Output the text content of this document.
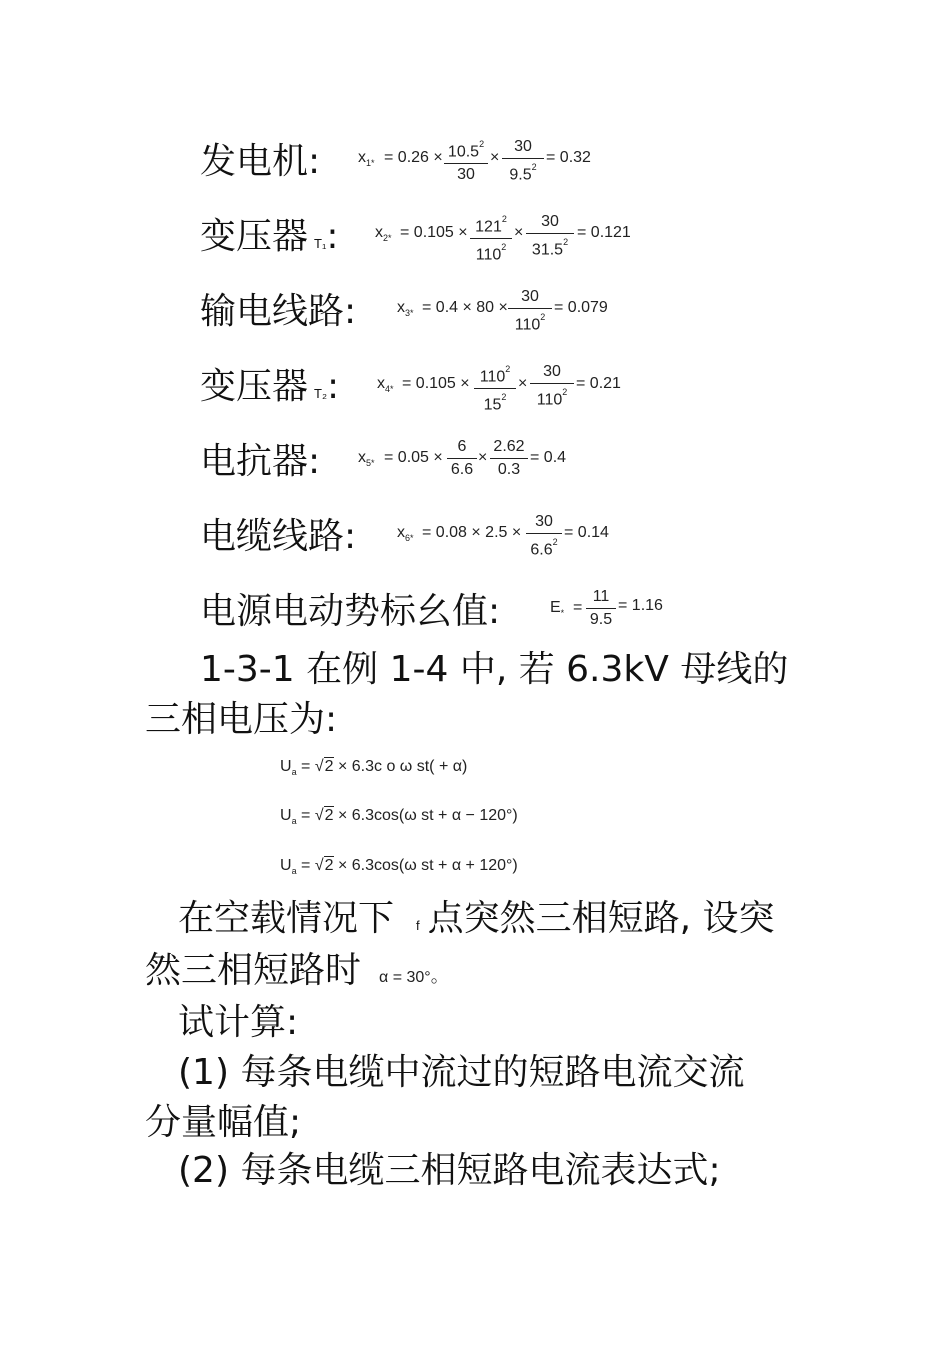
发电机: $x_{1*} = 0.26 \times 10.5^2$
30
×
30
$9.5^2$
= 0.32
变压器 T₁: $x_{2*} = 0.105 \times 121^2$
$110^2$
×
30
$31.5^2$
= 0.121
输电线路:	$x_{3*} = 0.4 \times 80$ ×
30
$110^2$
= 0.079
变压器 T₂: $x_{4*} = 0.105 \times 110^2$
$15^2$
×
30
$110^2 = 0.21$
电抗器: $x_{5*} = 0.05$ ×
6
6.6
×
2.62
0.3
= 0.4
电缆线路:	$x_{6*} = 0.08 \times 2.5$ ×
30
$6.6^2$
= 0.14
电源电动势标幺值:	$E_*$ =
11
9.5
= 1.16
1-3-1 在例 1-4 中, 若 6.3kV 母线的
三相电压为:
$U_a = √2 \times 6.3c$ o ω st( + α)
$U_a = √2 \times 6.3\cos(\omega$ st + α − 120°)
$U_a = √2 \times 6.3\cos(\omega$ st + α + 120°)
在空载情况下 f 点突然三相短路, 设突
然三相短路时 α = 30°。
试计算:
(1) 每条电缆中流过的短路电流交流
分量幅值;
(2) 每条电缆三相短路电流表达式;
